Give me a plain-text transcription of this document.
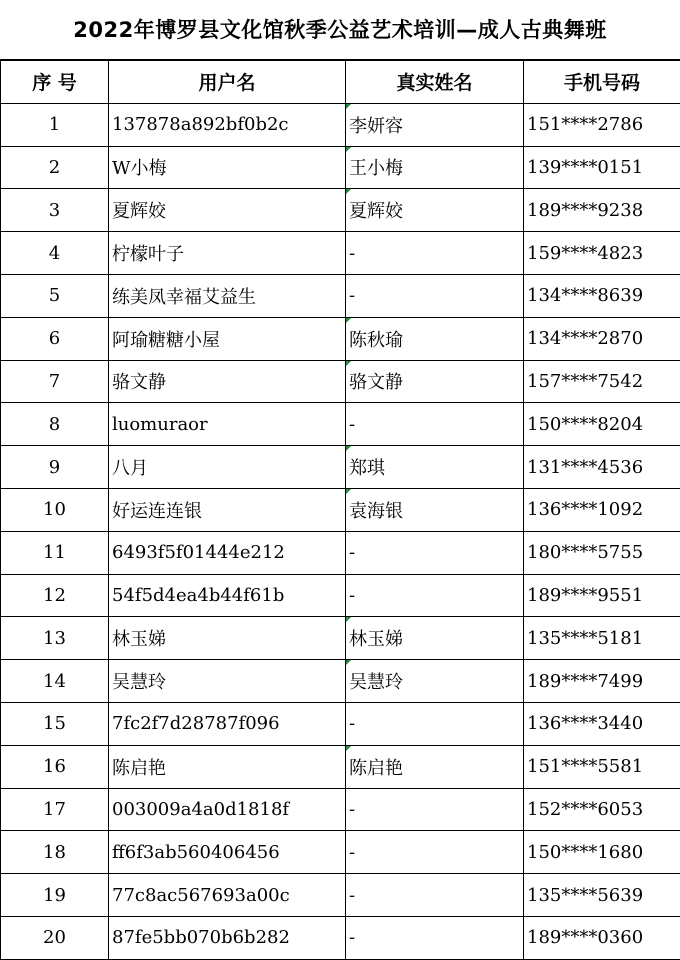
2022年博罗县文化馆秋季公益艺术培训—成人古典舞班
序 号	用户名	真实姓名	手机号码
1	137878a892bf0b2c	李妍容	151****2786
2	W小梅	王小梅	139****0151
3	夏辉姣	夏辉姣	189****9238
4	柠檬叶子	-	159****4823
5	练美凤幸福艾益生	-	134****8639
6	阿瑜糖糖小屋	陈秋瑜	134****2870
7	骆文静	骆文静	157****7542
8	luomuraor	-	150****8204
9	八月	郑琪	131****4536
10	好运连连银	袁海银	136****1092
11	6493f5f01444e212	-	180****5755
12	54f5d4ea4b44f61b	-	189****9551
13	林玉娣	林玉娣	135****5181
14	吴慧玲	吴慧玲	189****7499
15	7fc2f7d28787f096	-	136****3440
16	陈启艳	陈启艳	151****5581
17	003009a4a0d1818f	-	152****6053
18	ff6f3ab560406456	-	150****1680
19	77c8ac567693a00c	-	135****5639
20	87fe5bb070b6b282	-	189****0360
